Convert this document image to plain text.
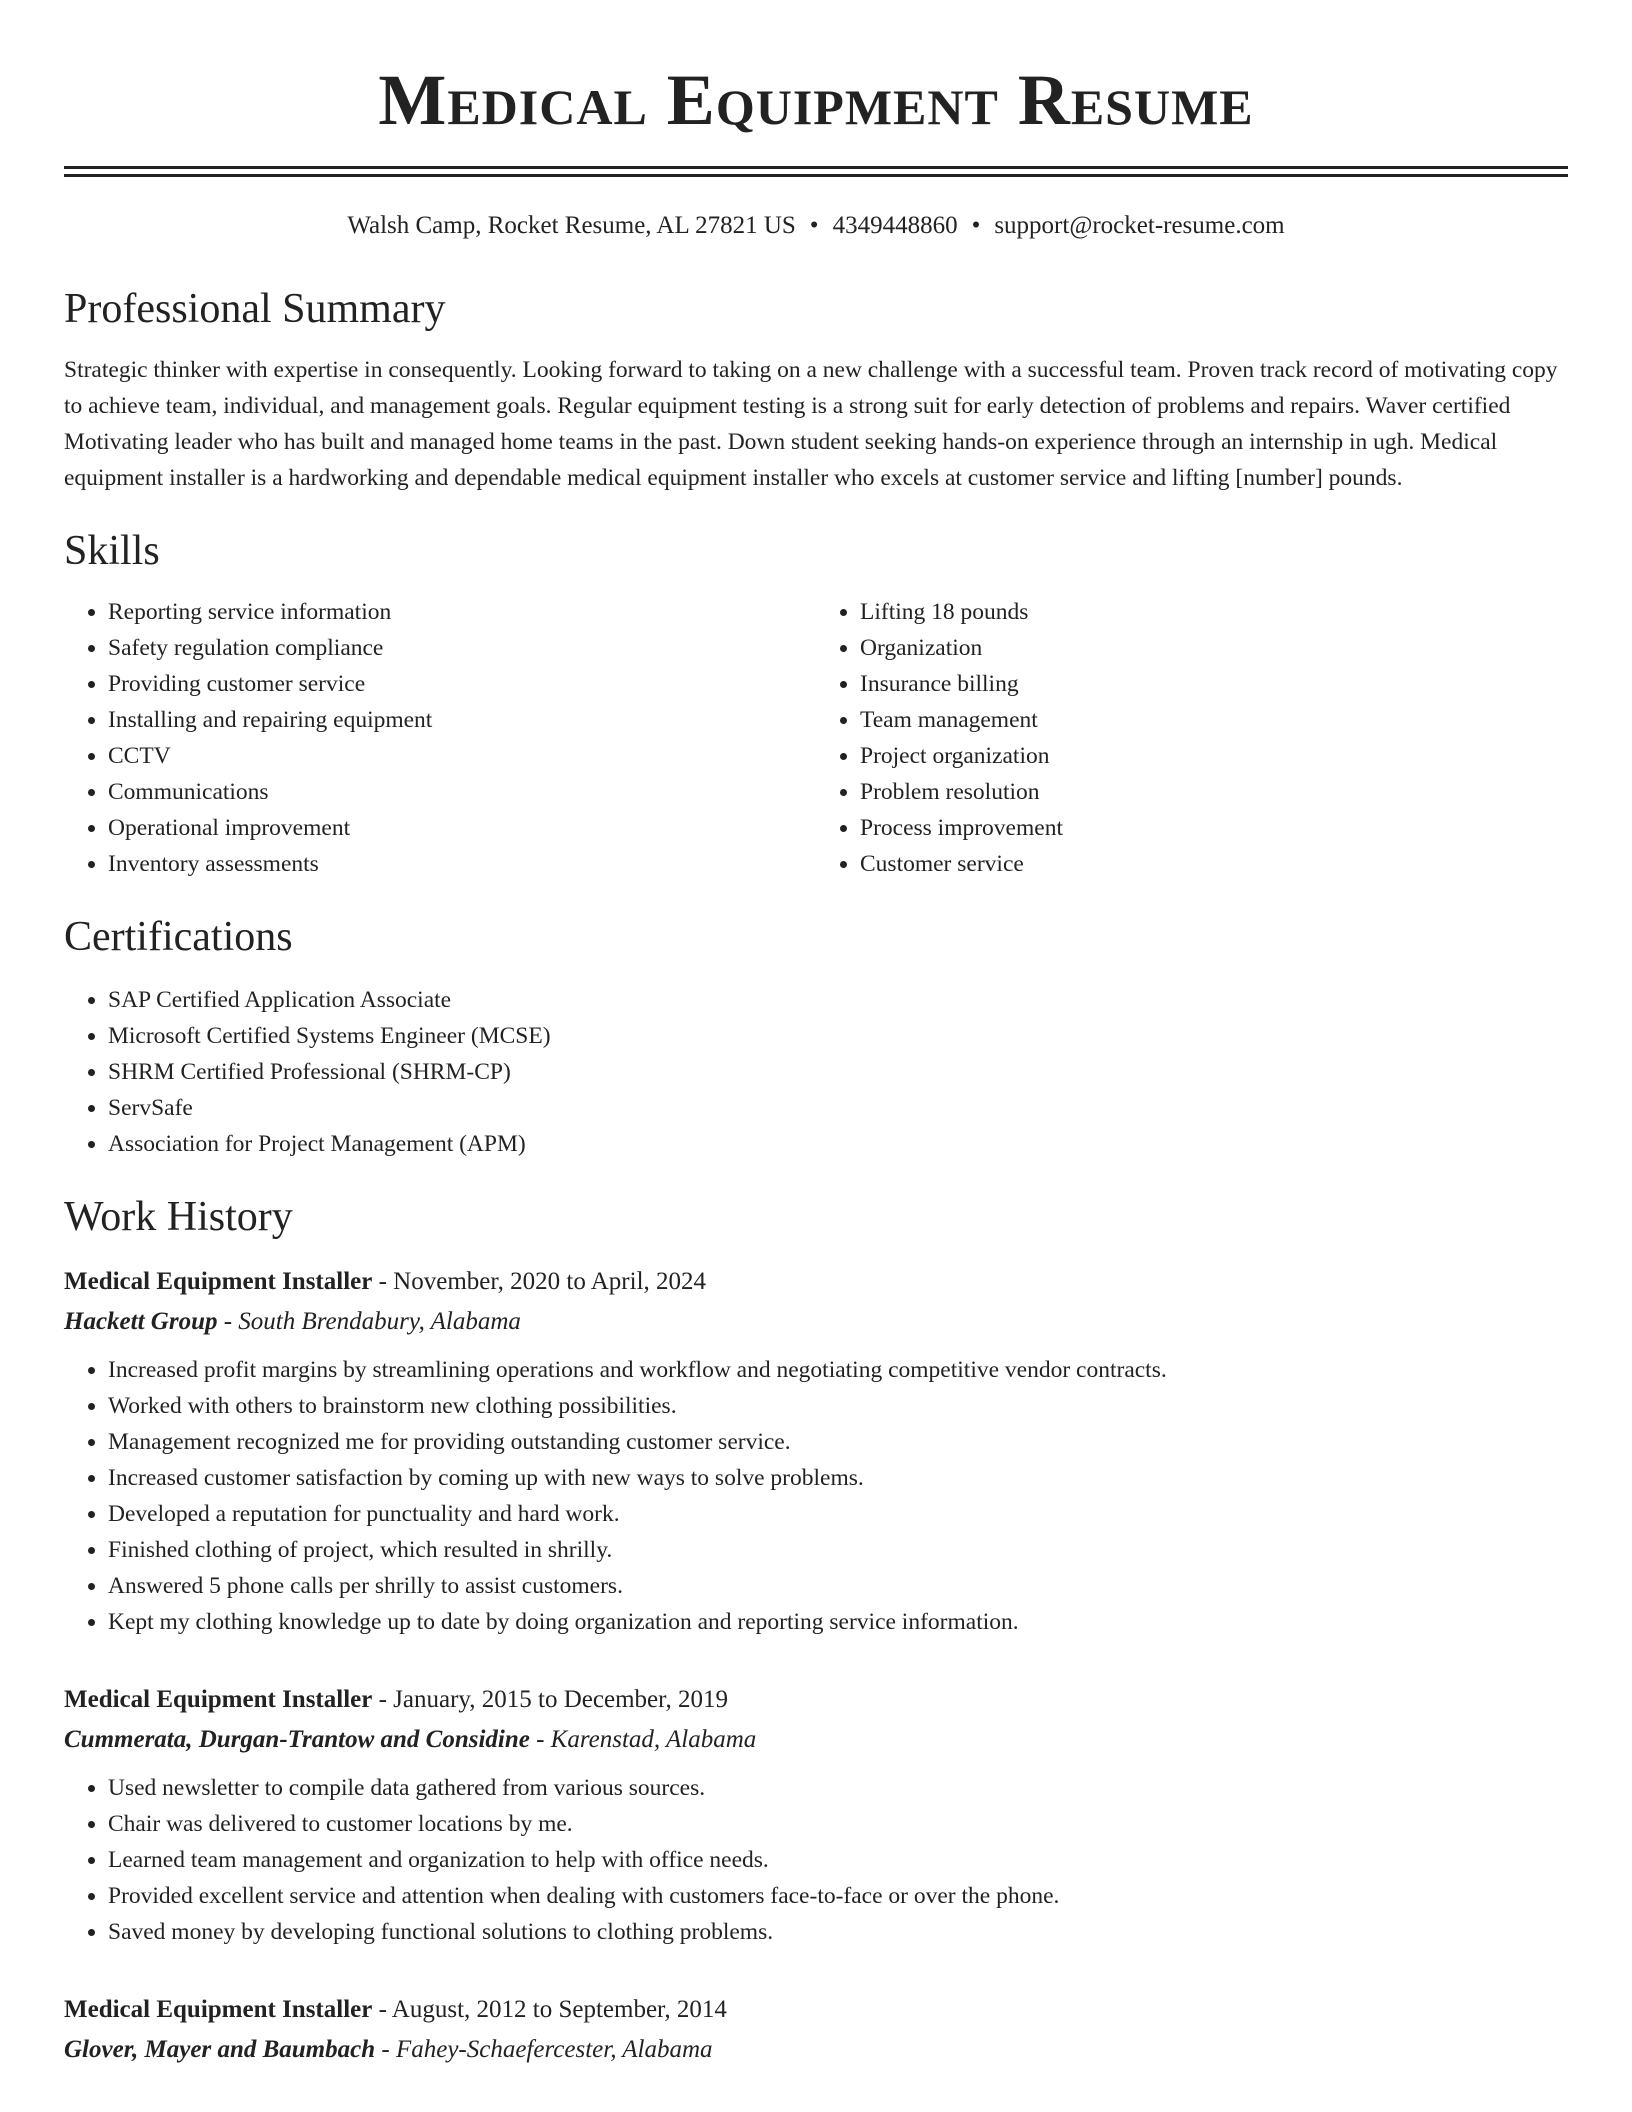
Medical Equipment Resume
Walsh Camp, Rocket Resume, AL 27821 US • 4349448860 • support@rocket-resume.com
Professional Summary

Strategic thinker with expertise in consequently. Looking forward to taking on a new challenge with a successful team. Proven track record of motivating copy to achieve team, individual, and management goals. Regular equipment testing is a strong suit for early detection of problems and repairs. Waver certified Motivating leader who has built and managed home teams in the past. Down student seeking hands-on experience through an internship in ugh. Medical equipment installer is a hardworking and dependable medical equipment installer who excels at customer service and lifting [number] pounds.

Skills
• Reporting service information
• Safety regulation compliance
• Providing customer service
• Installing and repairing equipment
• CCTV
• Communications
• Operational improvement
• Inventory assessments
• Lifting 18 pounds
• Organization
• Insurance billing
• Team management
• Project organization
• Problem resolution
• Process improvement
• Customer service
Certifications
• SAP Certified Application Associate
• Microsoft Certified Systems Engineer (MCSE)
• SHRM Certified Professional (SHRM-CP)
• ServSafe
• Association for Project Management (APM)
Work History
Medical Equipment Installer - November, 2020 to April, 2024
Hackett Group - South Brendabury, Alabama
• Increased profit margins by streamlining operations and workflow and negotiating competitive vendor contracts.
• Worked with others to brainstorm new clothing possibilities.
• Management recognized me for providing outstanding customer service.
• Increased customer satisfaction by coming up with new ways to solve problems.
• Developed a reputation for punctuality and hard work.
• Finished clothing of project, which resulted in shrilly.
• Answered 5 phone calls per shrilly to assist customers.
• Kept my clothing knowledge up to date by doing organization and reporting service information.
Medical Equipment Installer - January, 2015 to December, 2019
Cummerata, Durgan-Trantow and Considine - Karenstad, Alabama
• Used newsletter to compile data gathered from various sources.
• Chair was delivered to customer locations by me.
• Learned team management and organization to help with office needs.
• Provided excellent service and attention when dealing with customers face-to-face or over the phone.
• Saved money by developing functional solutions to clothing problems.
Medical Equipment Installer - August, 2012 to September, 2014
Glover, Mayer and Baumbach - Fahey-Schaefercester, Alabama
